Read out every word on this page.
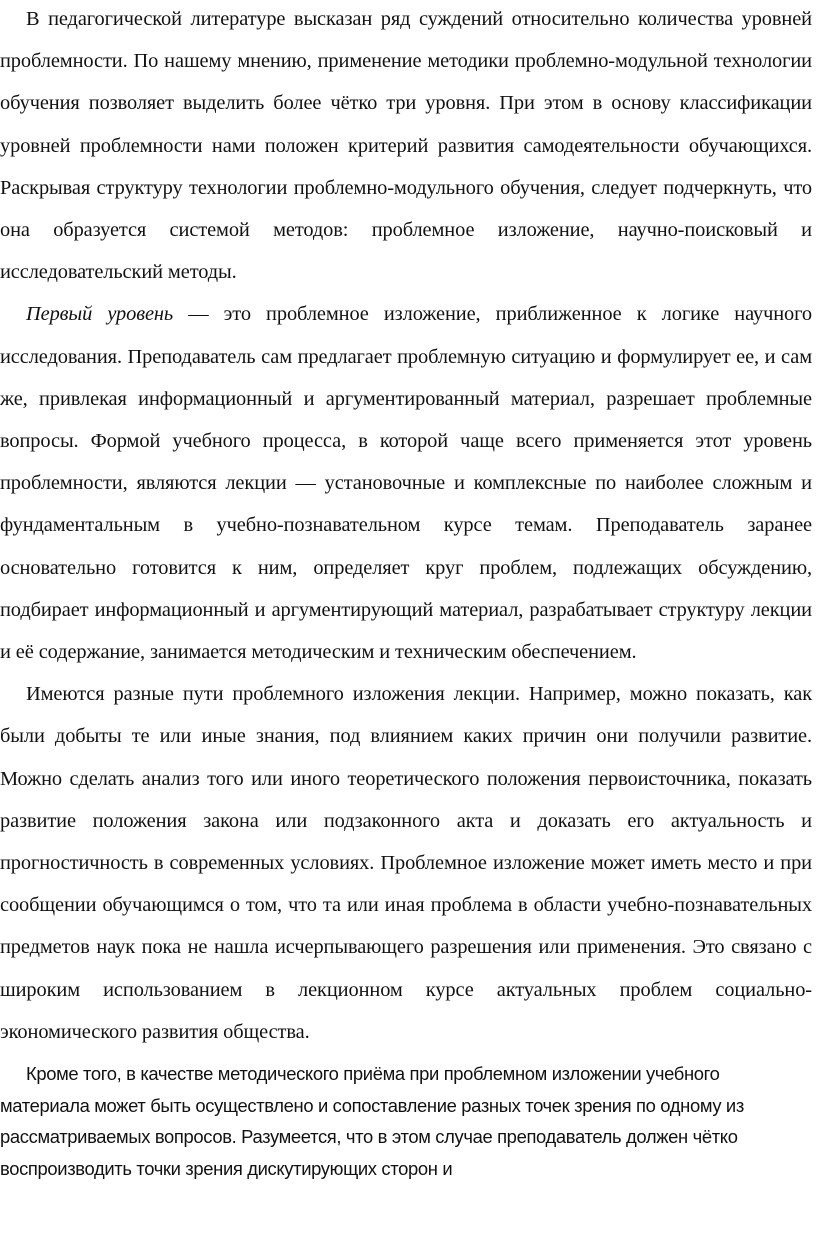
В педагогической литературе высказан ряд суждений относительно количества уровней проблемности. По нашему мнению, применение методики проблемно-модульной технологии обучения позволяет выделить более чётко три уровня. При этом в основу классификации уровней проблемности нами положен критерий развития самодеятельности обучающихся. Раскрывая структуру технологии проблемно-модульного обучения, следует подчеркнуть, что она образуется системой методов: проблемное изложение, научно-поисковый и исследовательский методы.

Первый уровень — это проблемное изложение, приближенное к логике научного исследования. Преподаватель сам предлагает проблемную ситуацию и формулирует ее, и сам же, привлекая информационный и аргументированный материал, разрешает проблемные вопросы. Формой учебного процесса, в которой чаще всего применяется этот уровень проблемности, являются лекции — установочные и комплексные по наиболее сложным и фундаментальным в учебно-познавательном курсе темам. Преподаватель заранее основательно готовится к ним, определяет круг проблем, подлежащих обсуждению, подбирает информационный и аргументирующий материал, разрабатывает структуру лекции и её содержание, занимается методическим и техническим обеспечением.

Имеются разные пути проблемного изложения лекции. Например, можно показать, как были добыты те или иные знания, под влиянием каких причин они получили развитие. Можно сделать анализ того или иного теоретического положения первоисточника, показать развитие положения закона или подзаконного акта и доказать его актуальность и прогностичность в современных условиях. Проблемное изложение может иметь место и при сообщении обучающимся о том, что та или иная проблема в области учебно-познавательных предметов наук пока не нашла исчерпывающего разрешения или применения. Это связано с широким использованием в лекционном курсе актуальных проблем социально-экономического развития общества.

Кроме того, в качестве методического приёма при проблемном изложении учебного материала может быть осуществлено и сопоставление разных точек зрения по одному из рассматриваемых вопросов. Разумеется, что в этом случае преподаватель должен чётко воспроизводить точки зрения дискутирующих сторон и
